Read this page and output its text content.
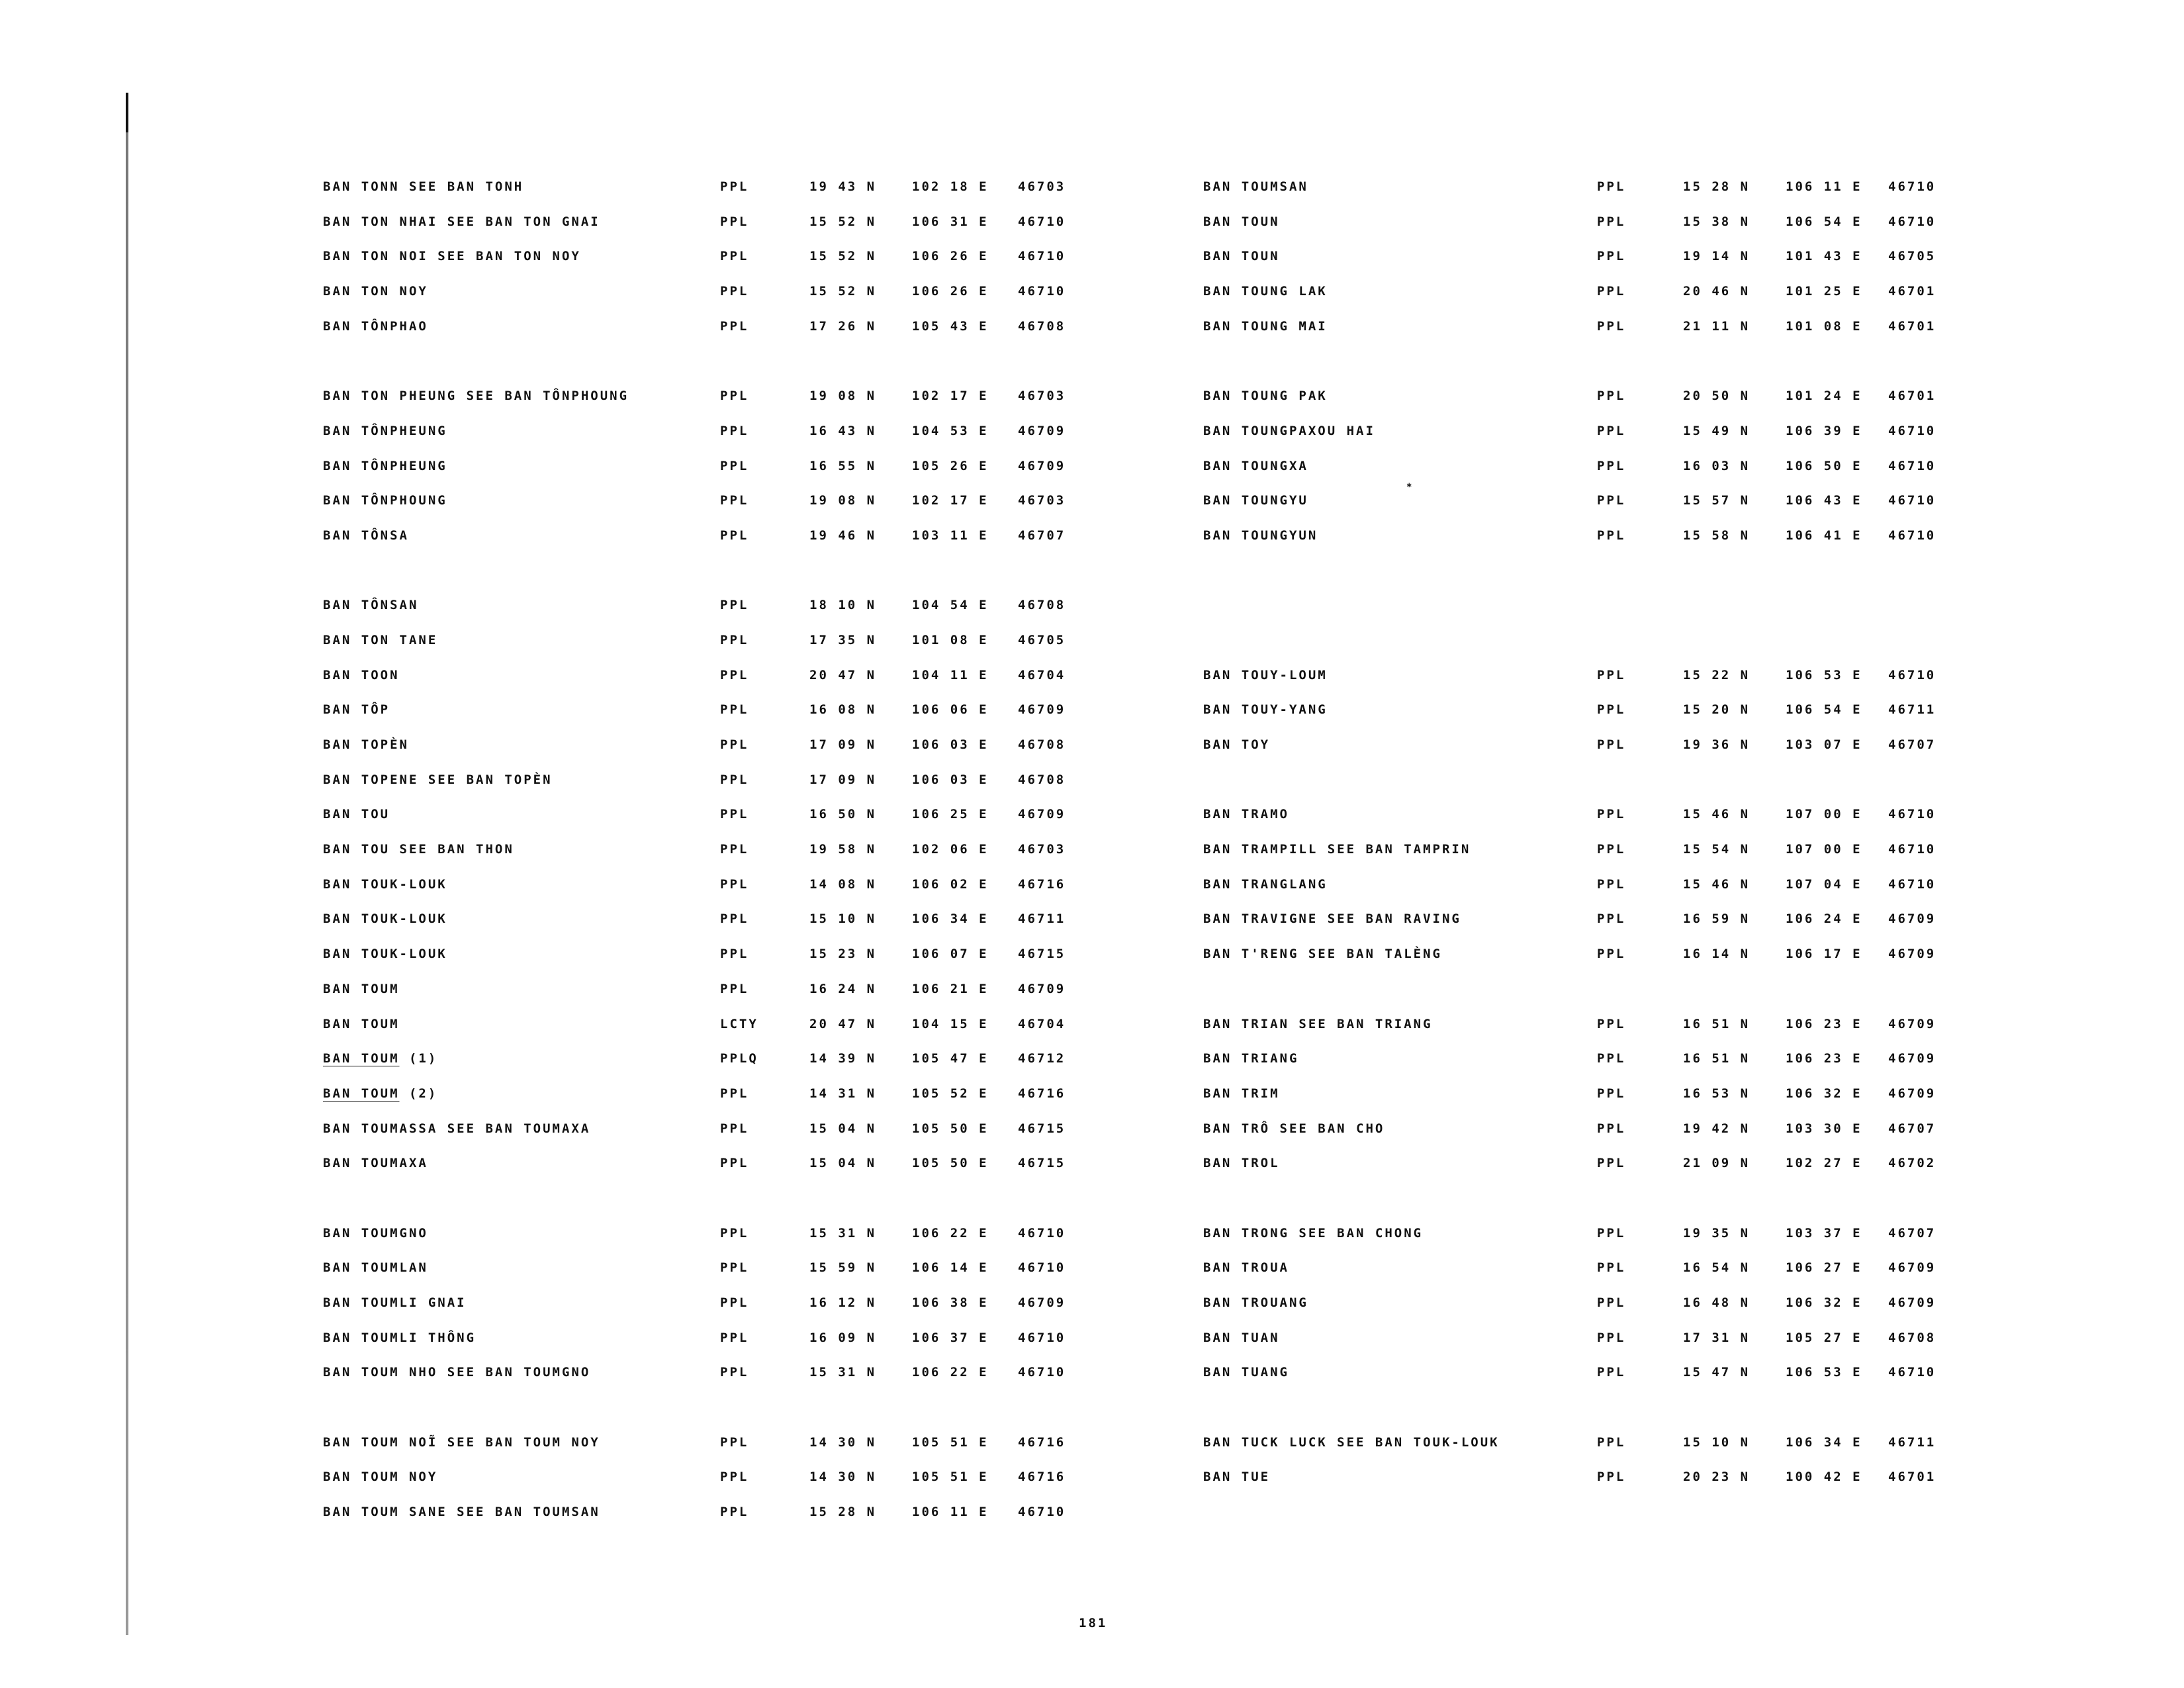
BAN TONN SEE BAN TONH	PPL	19 43 N	102 18 E 46703
BAN TON NHAI SEE BAN TON GNAI	PPL	15 52 N	106 31 E 46710
BAN TON NOI SEE BAN TON NOY	PPL	15 52 N	106 26 E 46710
BAN TON NOY	PPL	15 52 N	106 26 E 46710
BAN TÔNPHAO	PPL	17 26 N	105 43 E 46708
BAN TON PHEUNG SEE BAN TÔNPHOUNG	PPL	19 08 N	102 17 E 46703
BAN TÔNPHEUNG	PPL	16 43 N	104 53 E 46709
BAN TÔNPHEUNG	PPL	16 55 N	105 26 E 46709
BAN TÔNPHOUNG	PPL	19 08 N	102 17 E 46703
BAN TÔNSA	PPL	19 46 N	103 11 E 46707
BAN TÔNSAN	PPL	18 10 N	104 54 E 46708
BAN TON TANE	PPL	17 35 N	101 08 E 46705
BAN TOON	PPL	20 47 N	104 11 E 46704
BAN TÔP	PPL	16 08 N	106 06 E 46709
BAN TOPÈN	PPL	17 09 N	106 03 E 46708
BAN TOPENE SEE BAN TOPÈN	PPL	17 09 N	106 03 E 46708
BAN TOU	PPL	16 50 N	106 25 E 46709
BAN TOU SEE BAN THON	PPL	19 58 N	102 06 E 46703
BAN TOUK-LOUK	PPL	14 08 N	106 02 E 46716
BAN TOUK-LOUK	PPL	15 10 N	106 34 E 46711
BAN TOUK-LOUK	PPL	15 23 N	106 07 E 46715
BAN TOUM	PPL	16 24 N	106 21 E 46709
BAN TOUM	LCTY	20 47 N	104 15 E 46704
BAN TOUM (1)	PPLQ	14 39 N	105 47 E 46712
BAN TOUM (2)	PPL	14 31 N	105 52 E 46716
BAN TOUMASSA SEE BAN TOUMAXA	PPL	15 04 N	105 50 E 46715
BAN TOUMAXA	PPL	15 04 N	105 50 E 46715
BAN TOUMGNO	PPL	15 31 N	106 22 E 46710
BAN TOUMLAN	PPL	15 59 N	106 14 E 46710
BAN TOUMLI GNAI	PPL	16 12 N	106 38 E 46709
BAN TOUMLI THÔNG	PPL	16 09 N	106 37 E 46710
BAN TOUM NHO SEE BAN TOUMGNO	PPL	15 31 N	106 22 E 46710
BAN TOUM NOĨ SEE BAN TOUM NOY	PPL	14 30 N	105 51 E 46716
BAN TOUM NOY	PPL	14 30 N	105 51 E 46716
BAN TOUM SANE SEE BAN TOUMSAN	PPL	15 28 N	106 11 E 46710
BAN TOUMSAN	PPL	15 28 N	106 11 E 46710
BAN TOUN	PPL	15 38 N	106 54 E 46710
BAN TOUN	PPL	19 14 N	101 43 E 46705
BAN TOUNG LAK	PPL	20 46 N	101 25 E 46701
BAN TOUNG MAI	PPL	21 11 N	101 08 E 46701
BAN TOUNG PAK	PPL	20 50 N	101 24 E 46701
BAN TOUNGPAXOU HAI	PPL	15 49 N	106 39 E 46710
BAN TOUNGXA	PPL	16 03 N	106 50 E 46710
BAN TOUNGYU	PPL	15 57 N	106 43 E 46710
BAN TOUNGYUN	PPL	15 58 N	106 41 E 46710
BAN TOUY-LOUM	PPL	15 22 N	106 53 E 46710
BAN TOUY-YANG	PPL	15 20 N	106 54 E 46711
BAN TOY	PPL	19 36 N	103 07 E 46707
BAN TRAMO	PPL	15 46 N	107 00 E 46710
BAN TRAMPILL SEE BAN TAMPRIN	PPL	15 54 N	107 00 E 46710
BAN TRANGLANG	PPL	15 46 N	107 04 E 46710
BAN TRAVIGNE SEE BAN RAVING	PPL	16 59 N	106 24 E 46709
BAN T'RENG SEE BAN TALÈNG	PPL	16 14 N	106 17 E 46709
BAN TRIAN SEE BAN TRIANG	PPL	16 51 N	106 23 E 46709
BAN TRIANG	PPL	16 51 N	106 23 E 46709
BAN TRIM	PPL	16 53 N	106 32 E 46709
BAN TRÔ SEE BAN CHO	PPL	19 42 N	103 30 E 46707
BAN TROL	PPL	21 09 N	102 27 E 46702
BAN TRONG SEE BAN CHONG	PPL	19 35 N	103 37 E 46707
BAN TROUA	PPL	16 54 N	106 27 E 46709
BAN TROUANG	PPL	16 48 N	106 32 E 46709
BAN TUAN	PPL	17 31 N	105 27 E 46708
BAN TUANG	PPL	15 47 N	106 53 E 46710
BAN TUCK LUCK SEE BAN TOUK-LOUK	PPL	15 10 N	106 34 E 46711
BAN TUE	PPL	20 23 N	100 42 E 46701
*
181
